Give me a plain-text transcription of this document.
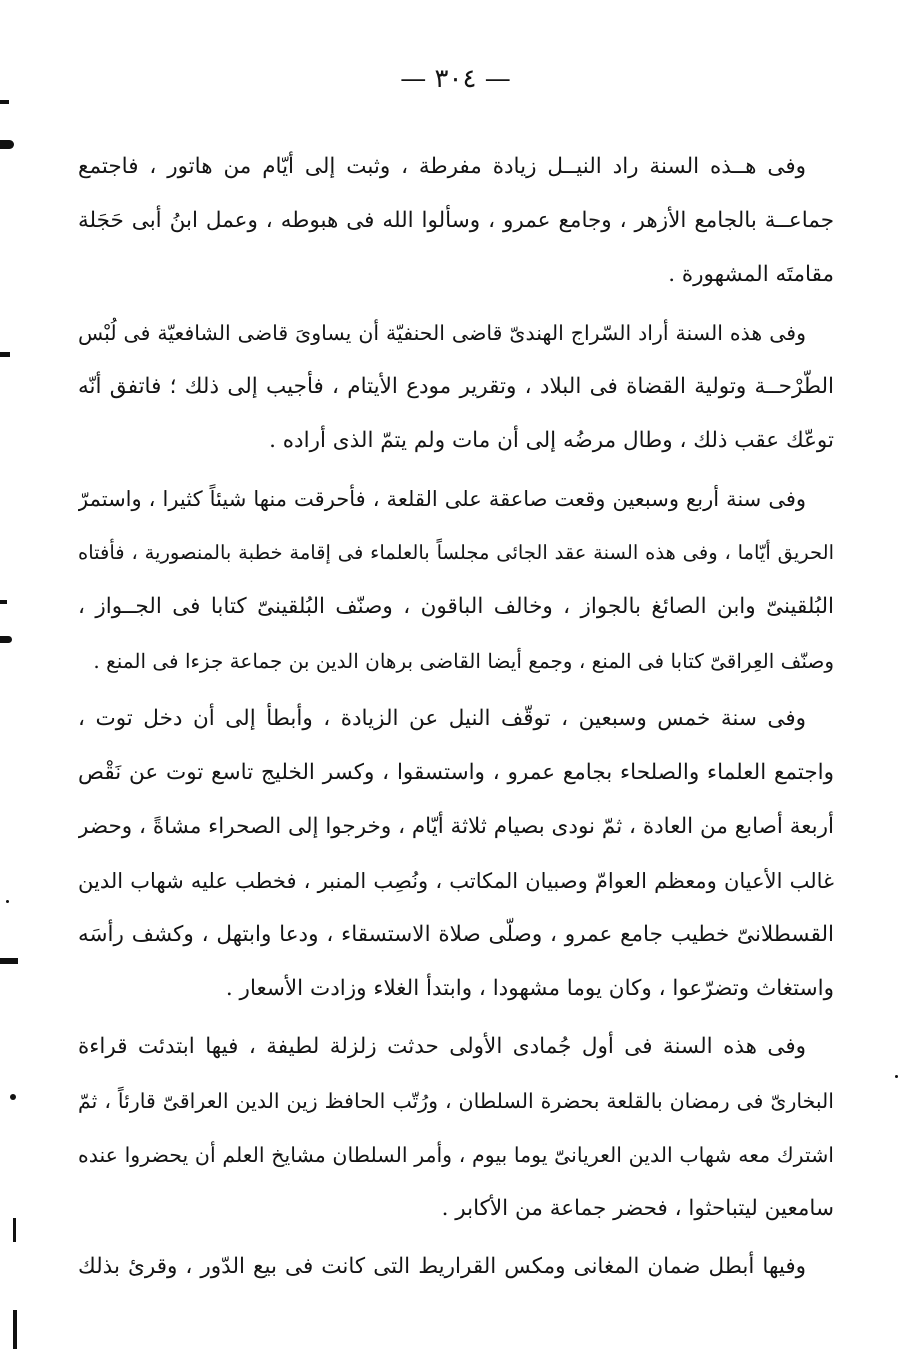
— ٣٠٤ —
وفى هــذه السنة راد النيــل زيادة مفرطة ، وثبت إلى أيّام من هاتور ، فاجتمع
جماعــة بالجامع الأزهر ، وجامع عمرو ، وسألوا الله فى هبوطه ، وعمل ابنُ أبى حَجَلة
مقامتَه المشهورة .
وفى هذه السنة أراد السّراج الهندىّ قاضى الحنفيّة أن يساوىَ قاضى الشافعيّة فى لُبْس
الطّرْحــة وتولية القضاة فى البلاد ، وتقرير مودع الأيتام ، فأجيب إلى ذلك ؛ فاتفق أنّه
توعّك عقب ذلك ، وطال مرضُه إلى أن مات ولم يتمّ الذى أراده .
وفى سنة أربع وسبعين وقعت صاعقة على القلعة ، فأحرقت منها شيئاً كثيرا ، واستمرّ
الحريق أيّاما ، وفى هذه السنة عقد الجائى مجلساً بالعلماء فى إقامة خطبة بالمنصورية ، فأفتاه
البُلقينىّ وابن الصائغ بالجواز ، وخالف الباقون ، وصنّف البُلقينىّ كتابا فى الجــواز ،
وصنّف العِراقىّ كتابا فى المنع ، وجمع أيضا القاضى برهان الدين بن جماعة جزءا فى المنع .
وفى سنة خمس وسبعين ، توقّف النيل عن الزيادة ، وأبطأ إلى أن دخل توت ،
واجتمع العلماء والصلحاء بجامع عمرو ، واستسقوا ، وكسر الخليج تاسع توت عن نَقْص
أربعة أصابع من العادة ، ثمّ نودى بصيام ثلاثة أيّام ، وخرجوا إلى الصحراء مشاةً ، وحضر
غالب الأعيان ومعظم العوامّ وصبيان المكاتب ، ونُصِب المنبر ، فخطب عليه شهاب الدين
القسطلانىّ خطيب جامع عمرو ، وصلّى صلاة الاستسقاء ، ودعا وابتهل ، وكشف رأسَه
واستغاث وتضرّعوا ، وكان يوما مشهودا ، وابتدأ الغلاء وزادت الأسعار .
وفى هذه السنة فى أول جُمادى الأولى حدثت زلزلة لطيفة ، فيها ابتدئت قراءة
البخارىّ فى رمضان بالقلعة بحضرة السلطان ، ورُتّب الحافظ زين الدين العراقىّ قارئاً ، ثمّ
اشترك معه شهاب الدين العريانىّ يوما بيوم ، وأمر السلطان مشايخ العلم أن يحضروا عنده
سامعين ليتباحثوا ، فحضر جماعة من الأكابر .
وفيها أبطل ضمان المغانى ومكس القراريط التى كانت فى بيع الدّور ، وقرئ بذلك
